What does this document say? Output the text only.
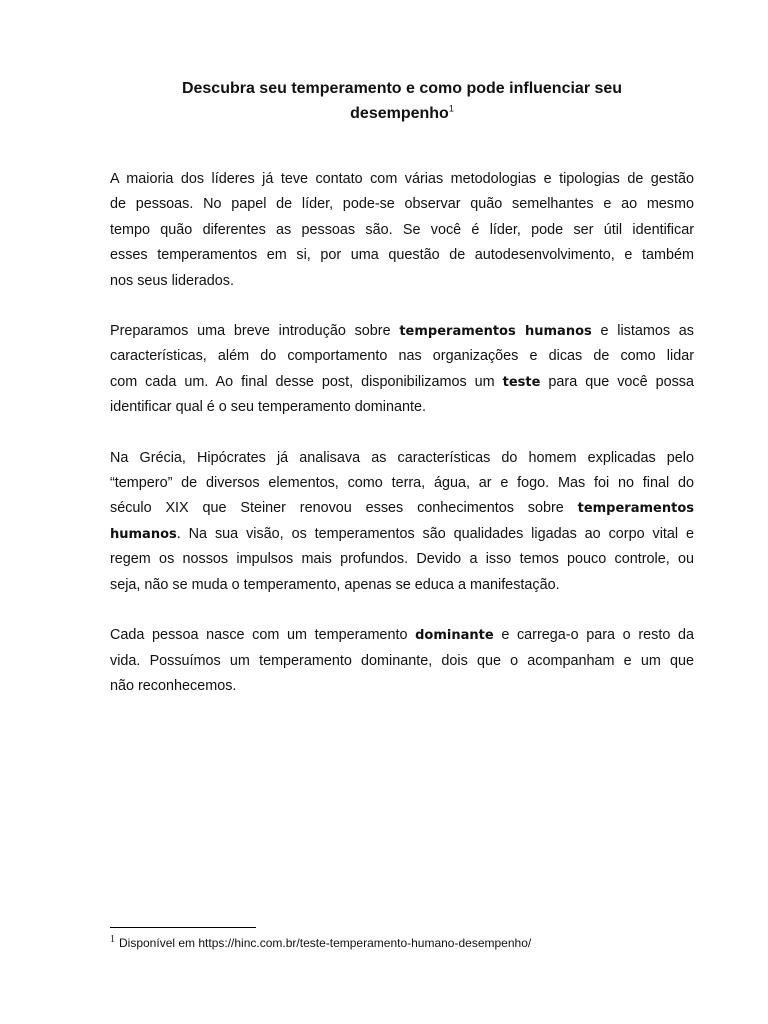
Descubra seu temperamento e como pode influenciar seu
desempenho$^1$

A maioria dos líderes já teve contato com várias metodologias e tipologias de gestão
de pessoas. No papel de líder, pode-se observar quão semelhantes e ao mesmo
tempo quão diferentes as pessoas são. Se você é líder, pode ser útil identificar
esses temperamentos em si, por uma questão de autodesenvolvimento, e também
nos seus liderados.

Preparamos uma breve introdução sobre temperamentos humanos e listamos as
características, além do comportamento nas organizações e dicas de como lidar
com cada um. Ao final desse post, disponibilizamos um teste para que você possa
identificar qual é o seu temperamento dominante.

Na Grécia, Hipócrates já analisava as características do homem explicadas pelo
“tempero” de diversos elementos, como terra, água, ar e fogo. Mas foi no final do
século XIX que Steiner renovou esses conhecimentos sobre temperamentos
humanos. Na sua visão, os temperamentos são qualidades ligadas ao corpo vital e
regem os nossos impulsos mais profundos. Devido a isso temos pouco controle, ou
seja, não se muda o temperamento, apenas se educa a manifestação.

Cada pessoa nasce com um temperamento dominante e carrega-o para o resto da
vida. Possuímos um temperamento dominante, dois que o acompanham e um que
não reconhecemos.

$^1$ Disponível em https://hinc.com.br/teste-temperamento-humano-desempenho/
